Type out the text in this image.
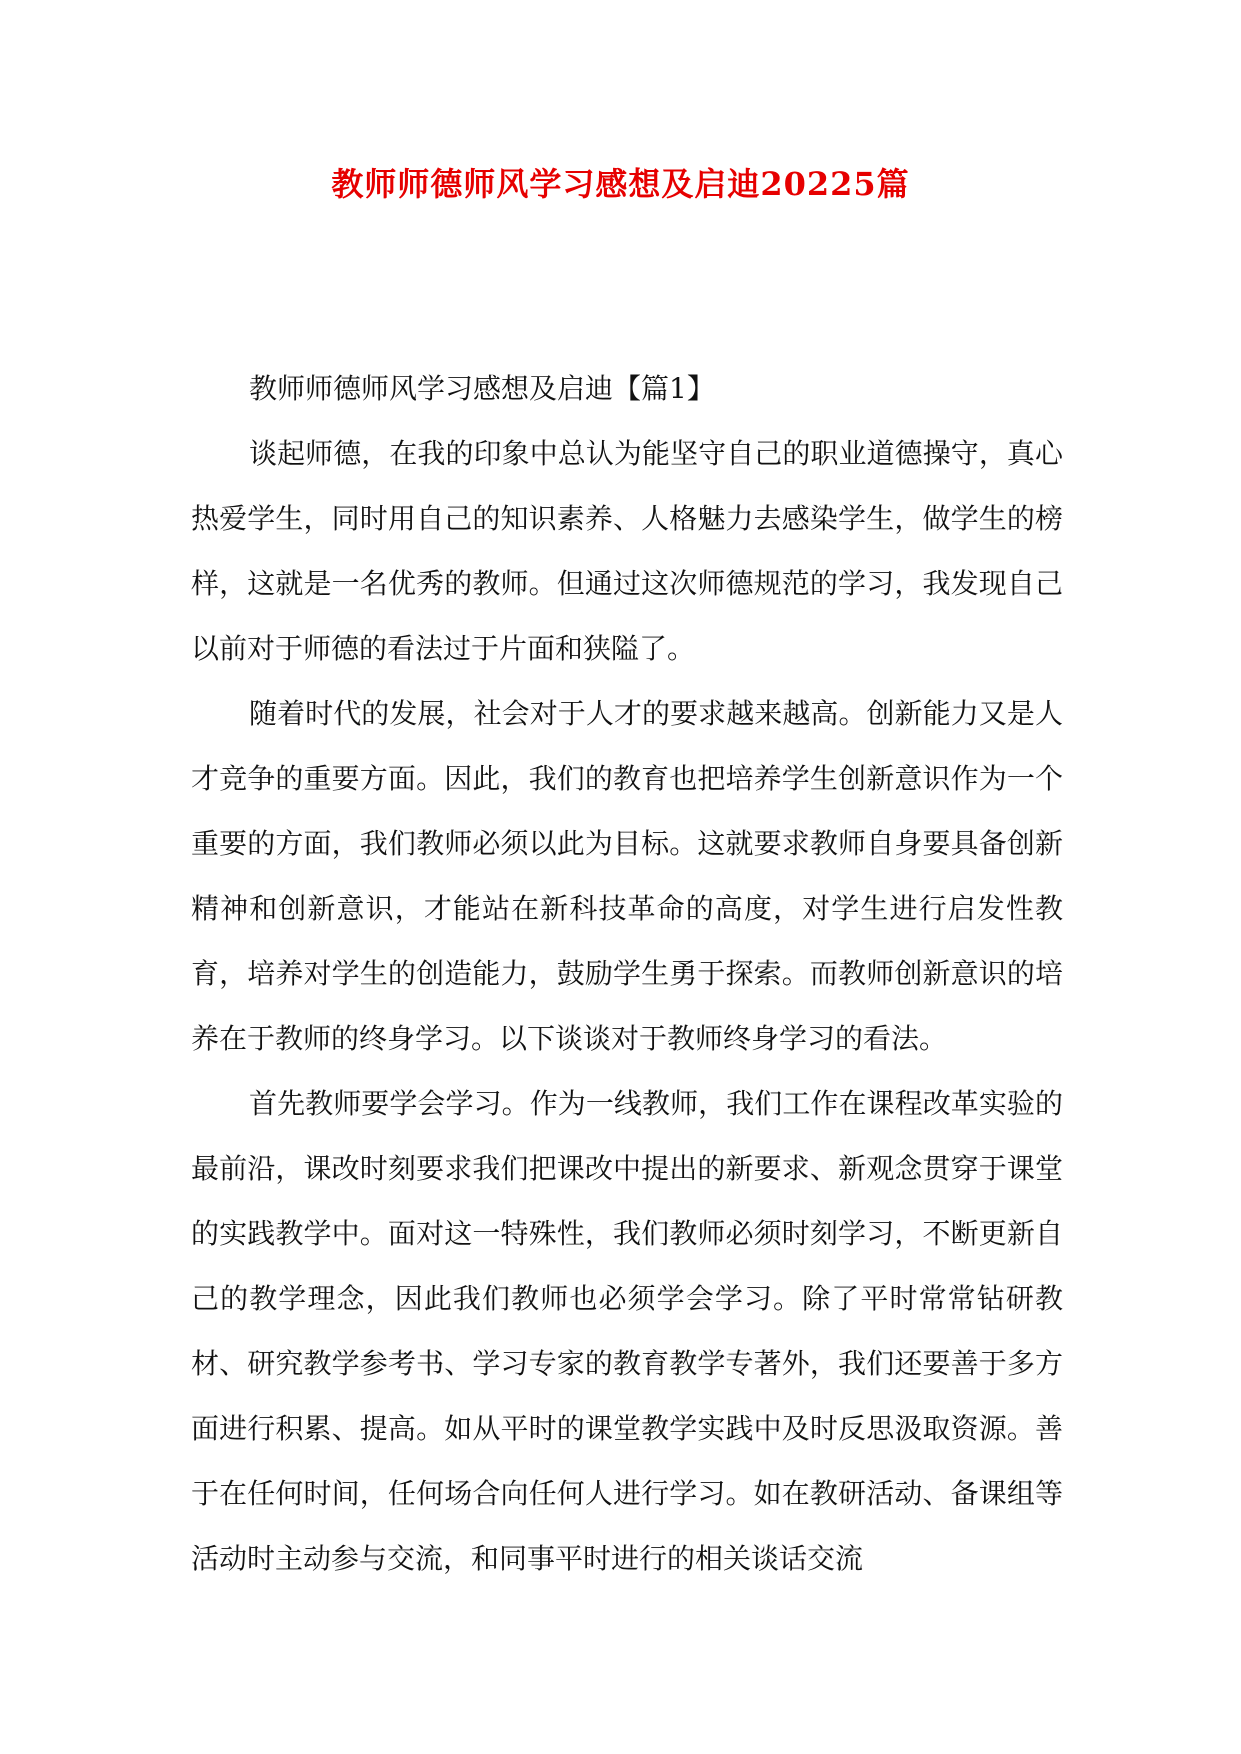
教师师德师风学习感想及启迪20225篇

教师师德师风学习感想及启迪【篇1】

谈起师德，在我的印象中总认为能坚守自己的职业道德操守，真心热爱学生，同时用自己的知识素养、人格魅力去感染学生，做学生的榜样，这就是一名优秀的教师。但通过这次师德规范的学习，我发现自己以前对于师德的看法过于片面和狭隘了。

随着时代的发展，社会对于人才的要求越来越高。创新能力又是人才竞争的重要方面。因此，我们的教育也把培养学生创新意识作为一个重要的方面，我们教师必须以此为目标。这就要求教师自身要具备创新精神和创新意识，才能站在新科技革命的高度，对学生进行启发性教育，培养对学生的创造能力，鼓励学生勇于探索。而教师创新意识的培养在于教师的终身学习。以下谈谈对于教师终身学习的看法。

首先教师要学会学习。作为一线教师，我们工作在课程改革实验的最前沿，课改时刻要求我们把课改中提出的新要求、新观念贯穿于课堂的实践教学中。面对这一特殊性，我们教师必须时刻学习，不断更新自己的教学理念，因此我们教师也必须学会学习。除了平时常常钻研教材、研究教学参考书、学习专家的教育教学专著外，我们还要善于多方面进行积累、提高。如从平时的课堂教学实践中及时反思汲取资源。善于在任何时间，任何场合向任何人进行学习。如在教研活动、备课组等活动时主动参与交流，和同事平时进行的相关谈话交流
